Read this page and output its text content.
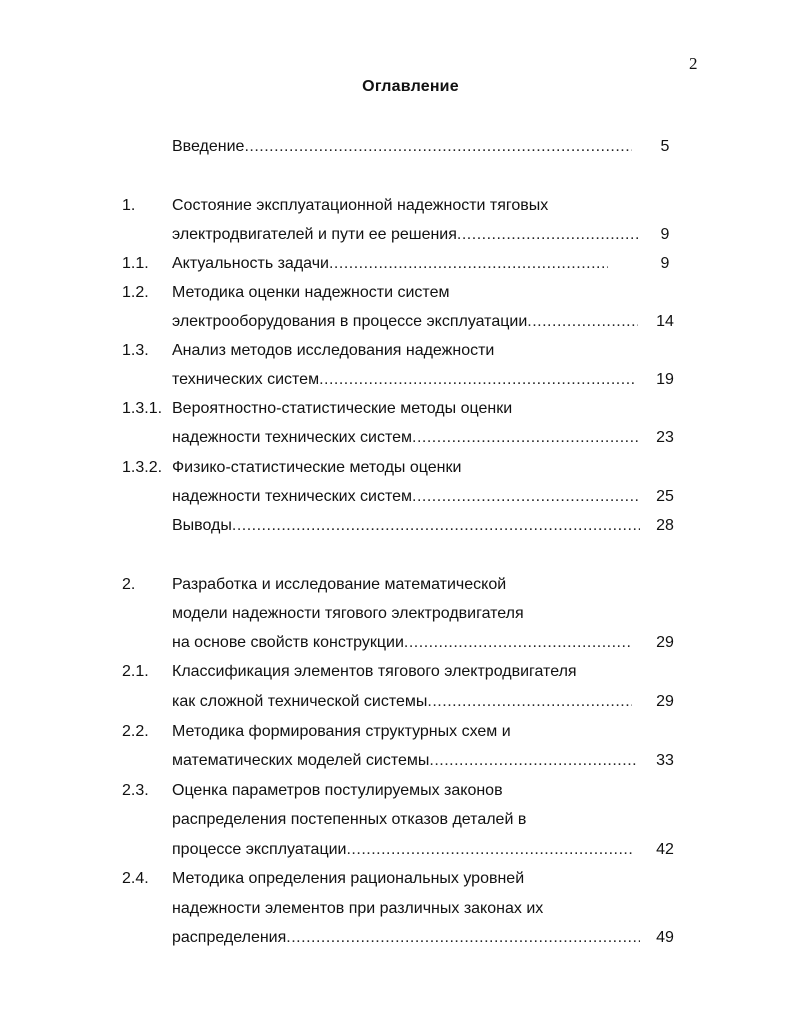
2
Оглавление
Введение .....	5
1. Состояние эксплуатационной надежности тяговых
электродвигателей и пути ее решения .....	9
1.1. Актуальность задачи .....	9
1.2. Методика оценки надежности систем
электрооборудования в процессе эксплуатации .....	14
1.3. Анализ методов исследования надежности
технических систем .....	19
1.3.1. Вероятностно-статистические методы оценки
надежности технических систем .....	23
1.3.2. Физико-статистические методы оценки
надежности технических систем .....	25
Выводы .....	28
2. Разработка и исследование математической
модели надежности тягового электродвигателя
на основе свойств конструкции .....	29
2.1. Классификация элементов тягового электродвигателя
как сложной технической системы .....	29
2.2. Методика формирования структурных схем и
математических моделей системы .....	33
2.3. Оценка параметров постулируемых законов
распределения постепенных отказов деталей в
процессе эксплуатации .....	42
2.4. Методика определения рациональных уровней
надежности элементов при различных законах их
распределения .....	49
